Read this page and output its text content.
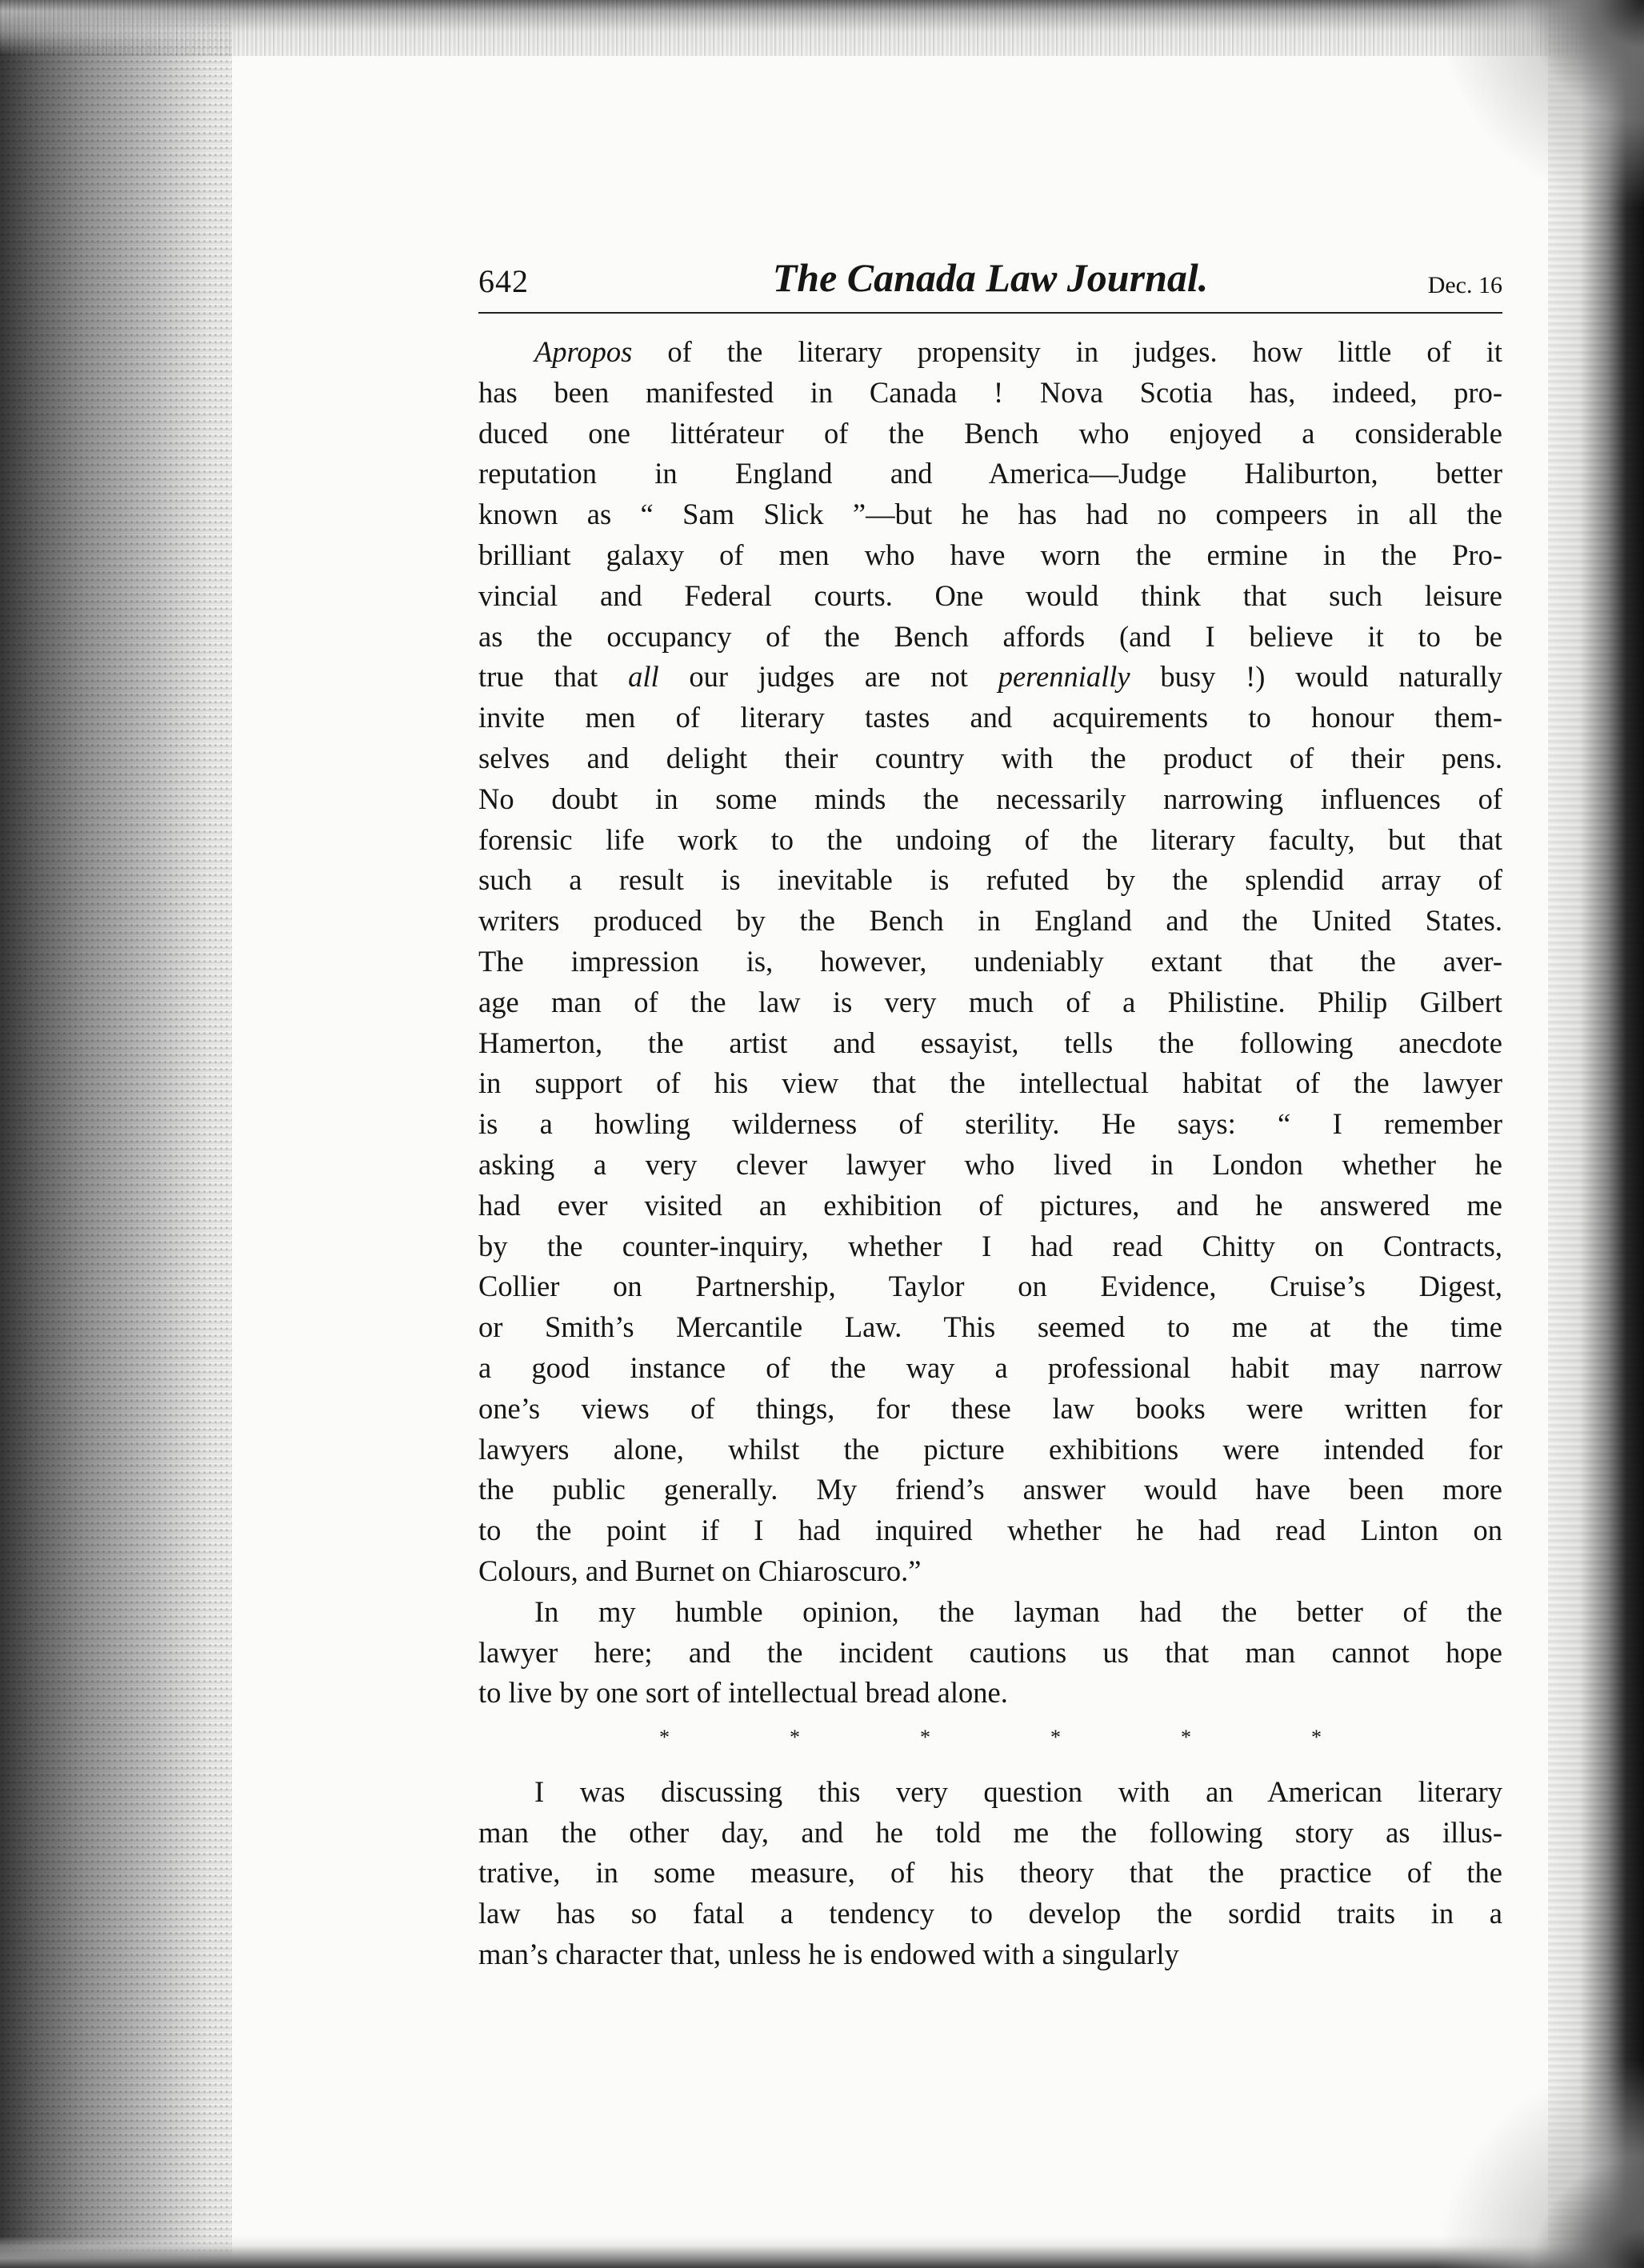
642	The Canada Law Journal.	Dec. 16
Apropos of the literary propensity in judges. how little of it
has been manifested in Canada ! Nova Scotia has, indeed, pro-
duced one littérateur of the Bench who enjoyed a considerable
reputation in England and America—Judge Haliburton, better
known as “ Sam Slick ”—but he has had no compeers in all the
brilliant galaxy of men who have worn the ermine in the Pro-
vincial and Federal courts. One would think that such leisure
as the occupancy of the Bench affords (and I believe it to be
true that all our judges are not perennially busy !) would naturally
invite men of literary tastes and acquirements to honour them-
selves and delight their country with the product of their pens.
No doubt in some minds the necessarily narrowing influences of
forensic life work to the undoing of the literary faculty, but that
such a result is inevitable is refuted by the splendid array of
writers produced by the Bench in England and the United States.
The impression is, however, undeniably extant that the aver-
age man of the law is very much of a Philistine. Philip Gilbert
Hamerton, the artist and essayist, tells the following anecdote
in support of his view that the intellectual habitat of the lawyer
is a howling wilderness of sterility. He says: “ I remember
asking a very clever lawyer who lived in London whether he
had ever visited an exhibition of pictures, and he answered me
by the counter-inquiry, whether I had read Chitty on Contracts,
Collier on Partnership, Taylor on Evidence, Cruise’s Digest,
or Smith’s Mercantile Law. This seemed to me at the time
a good instance of the way a professional habit may narrow
one’s views of things, for these law books were written for
lawyers alone, whilst the picture exhibitions were intended for
the public generally. My friend’s answer would have been more
to the point if I had inquired whether he had read Linton on
Colours, and Burnet on Chiaroscuro.”
In my humble opinion, the layman had the better of the
lawyer here; and the incident cautions us that man cannot hope
to live by one sort of intellectual bread alone.
*	*	*	*	*	*
I was discussing this very question with an American literary
man the other day, and he told me the following story as illus-
trative, in some measure, of his theory that the practice of the
law has so fatal a tendency to develop the sordid traits in a
man’s character that, unless he is endowed with a singularly
